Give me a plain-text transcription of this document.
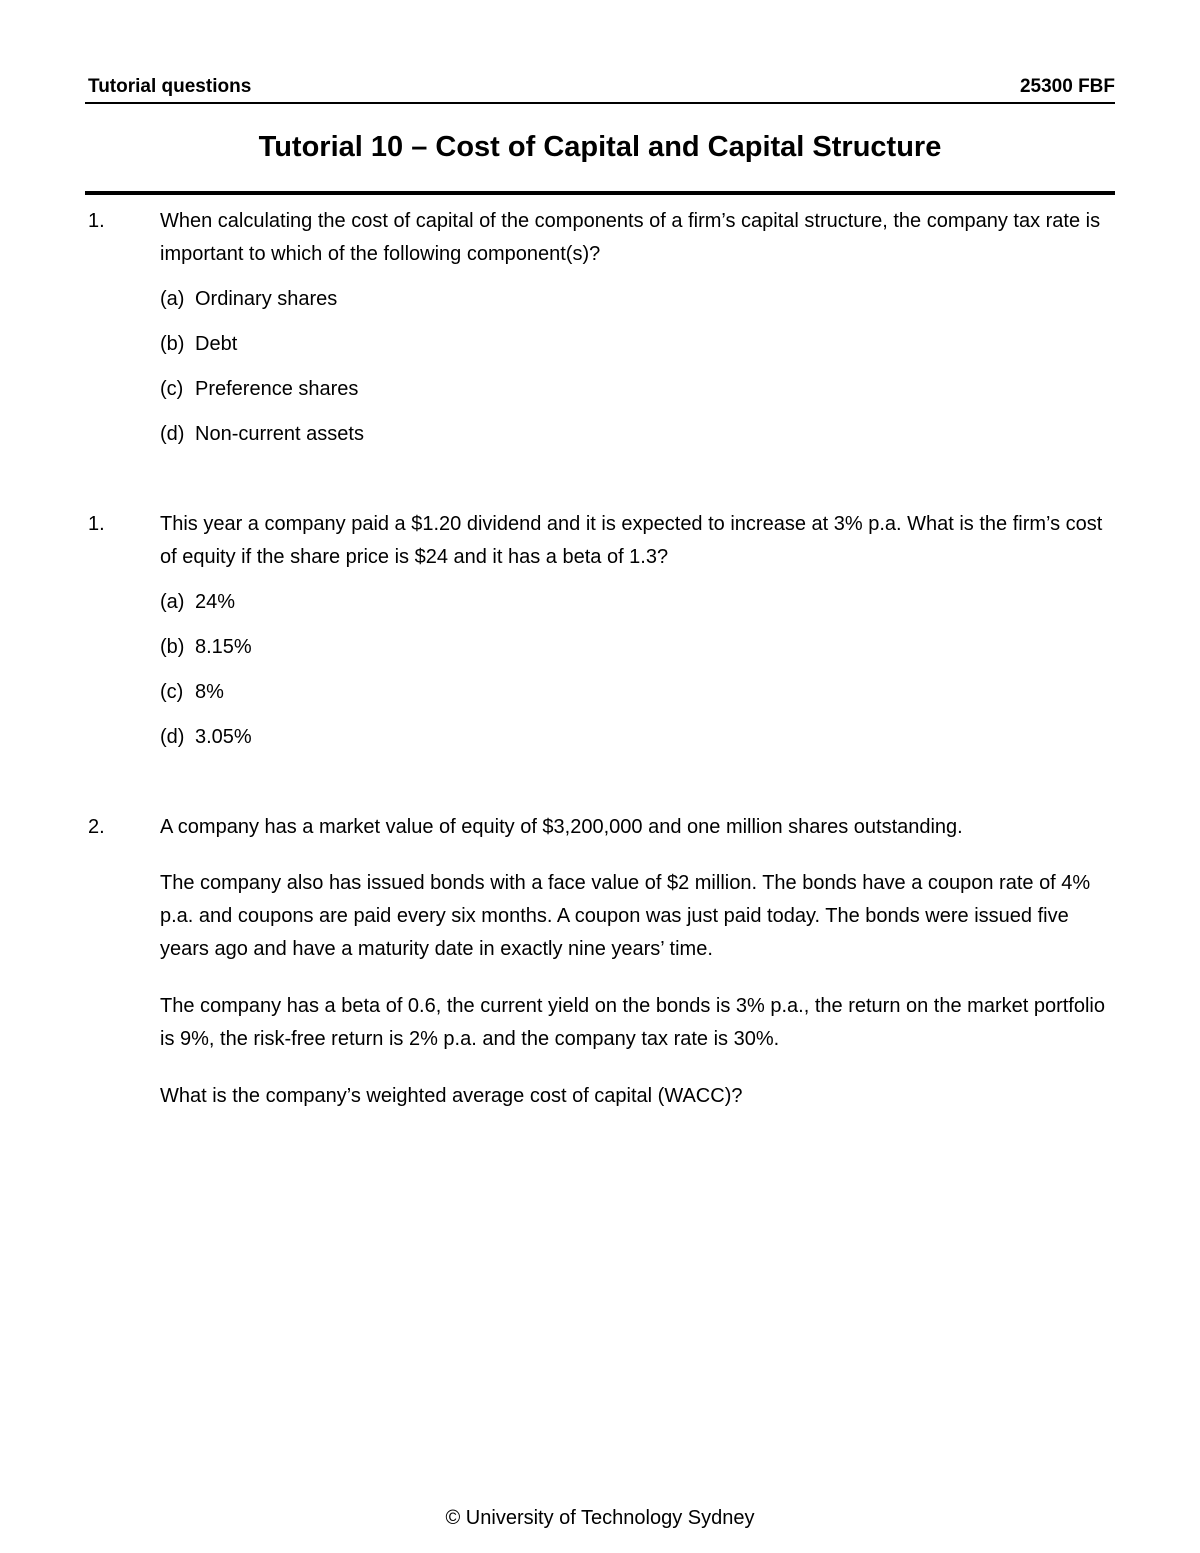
Tutorial questions	25300 FBF
Tutorial 10 – Cost of Capital and Capital Structure
1.	When calculating the cost of capital of the components of a firm’s capital structure, the company tax rate is important to which of the following component(s)?

(a) Ordinary shares
(b) Debt
(c) Preference shares
(d) Non-current assets
1.	This year a company paid a $1.20 dividend and it is expected to increase at 3% p.a. What is the firm’s cost of equity if the share price is $24 and it has a beta of 1.3?

(a) 24%
(b) 8.15%
(c) 8%
(d) 3.05%
2.	A company has a market value of equity of $3,200,000 and one million shares outstanding.

The company also has issued bonds with a face value of $2 million. The bonds have a coupon rate of 4% p.a. and coupons are paid every six months. A coupon was just paid today. The bonds were issued five years ago and have a maturity date in exactly nine years’ time.

The company has a beta of 0.6, the current yield on the bonds is 3% p.a., the return on the market portfolio is 9%, the risk-free return is 2% p.a. and the company tax rate is 30%.

What is the company’s weighted average cost of capital (WACC)?

© University of Technology Sydney
